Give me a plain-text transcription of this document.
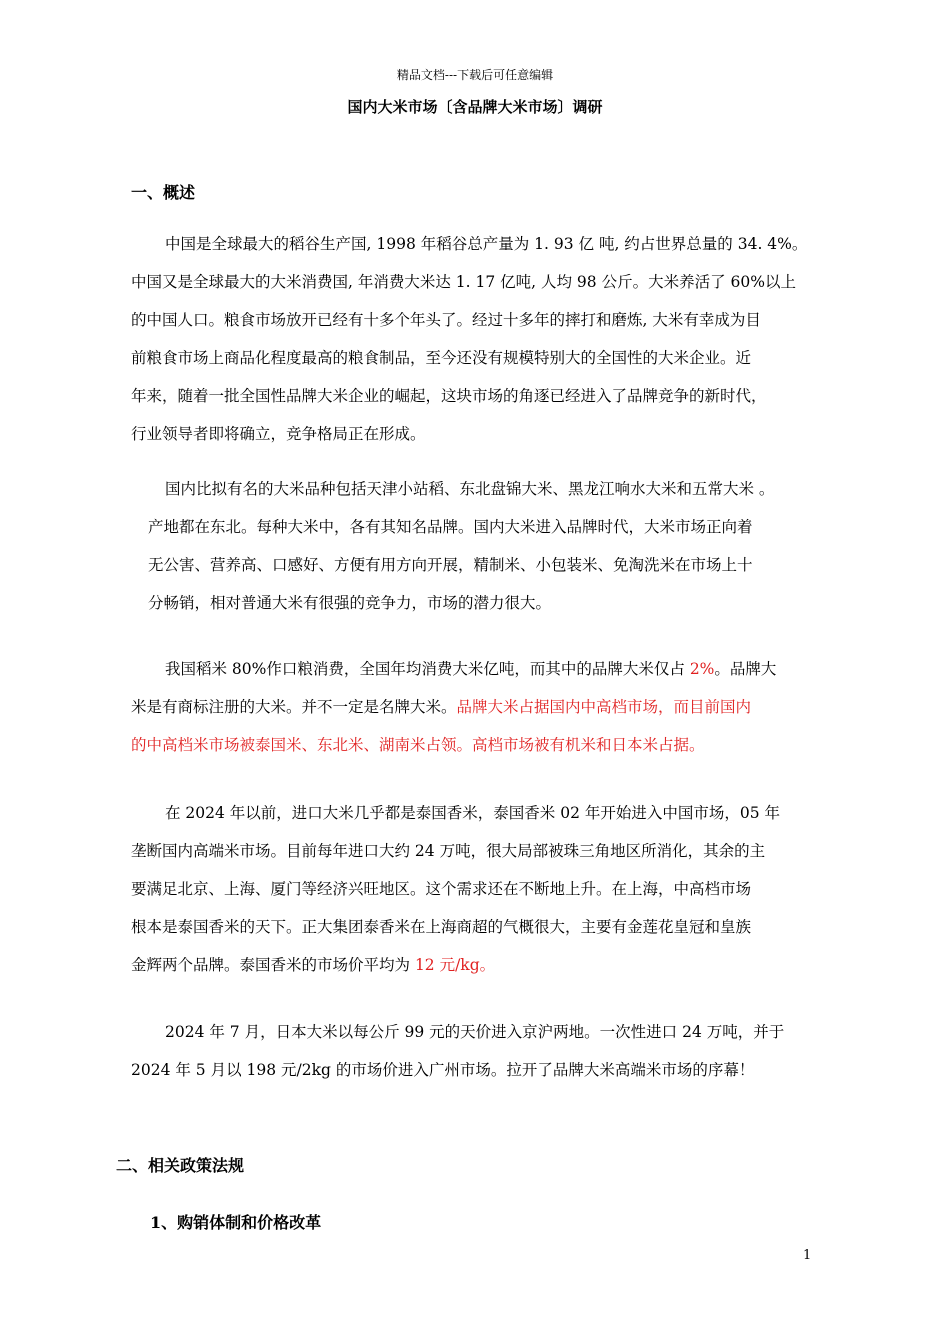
精品文档---下载后可任意编辑
国内大米市场〔含品牌大米市场〕调研
一、概述
中国是全球最大的稻谷生产国, 1998 年稻谷总产量为 1. 93 亿 吨, 约占世界总量的 34. 4%。
中国又是全球最大的大米消费国, 年消费大米达 1. 17 亿吨, 人均 98 公斤。大米养活了 60%以上
的中国人口。粮食市场放开已经有十多个年头了。经过十多年的摔打和磨炼, 大米有幸成为目
前粮食市场上商品化程度最高的粮食制品，至今还没有规模特别大的全国性的大米企业。近
年来，随着一批全国性品牌大米企业的崛起，这块市场的角逐已经进入了品牌竞争的新时代，
行业领导者即将确立，竞争格局正在形成。
国内比拟有名的大米品种包括天津小站稻、东北盘锦大米、黑龙江响水大米和五常大米 。
产地都在东北。每种大米中，各有其知名品牌。国内大米进入品牌时代，大米市场正向着
无公害、营养高、口感好、方便有用方向开展，精制米、小包装米、免淘洗米在市场上十
分畅销，相对普通大米有很强的竞争力，市场的潜力很大。
我国稻米 80%作口粮消费，全国年均消费大米亿吨，而其中的品牌大米仅占 2%。品牌大
米是有商标注册的大米。并不一定是名牌大米。品牌大米占据国内中高档市场，而目前国内
的中高档米市场被泰国米、东北米、湖南米占领。高档市场被有机米和日本米占据。
在 2024 年以前，进口大米几乎都是泰国香米，泰国香米 02 年开始进入中国市场，05 年
垄断国内高端米市场。目前每年进口大约 24 万吨，很大局部被珠三角地区所消化，其余的主
要满足北京、上海、厦门等经济兴旺地区。这个需求还在不断地上升。在上海，中高档市场
根本是泰国香米的天下。正大集团泰香米在上海商超的气概很大，主要有金莲花皇冠和皇族
金辉两个品牌。泰国香米的市场价平均为 12 元/kg。
2024 年 7 月，日本大米以每公斤 99 元的天价进入京沪两地。一次性进口 24 万吨，并于
2024 年 5 月以 198 元/2kg 的市场价进入广州市场。拉开了品牌大米高端米市场的序幕！
二、相关政策法规
1、购销体制和价格改革
1
